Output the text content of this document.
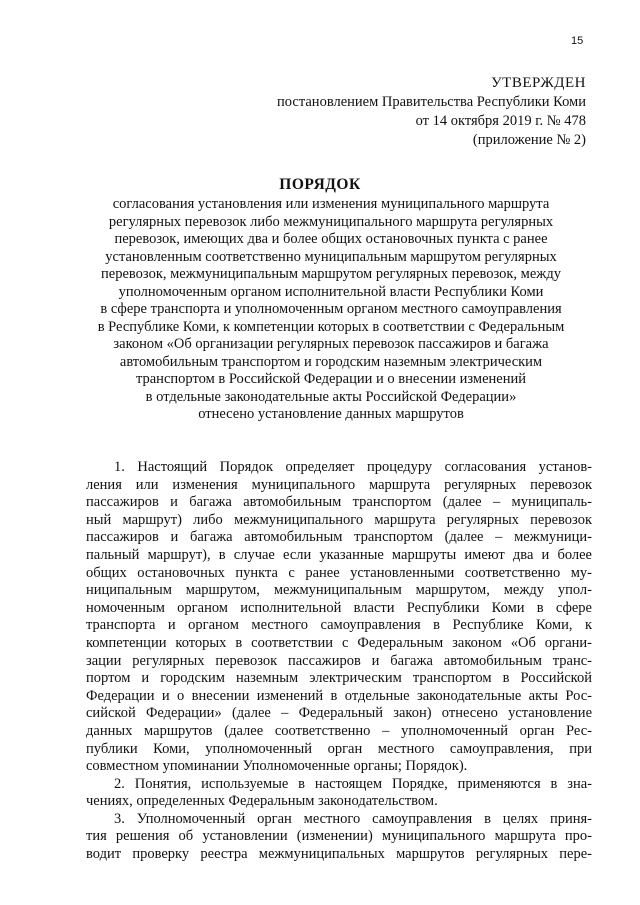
15
УТВЕРЖДЕН
постановлением Правительства Республики Коми
от 14 октября 2019 г. № 478
(приложение № 2)
ПОРЯДОК
согласования установления или изменения муниципального маршрута
регулярных перевозок либо межмуниципального маршрута регулярных
перевозок, имеющих два и более общих остановочных пункта с ранее
установленным соответственно муниципальным маршрутом регулярных
перевозок, межмуниципальным маршрутом регулярных перевозок, между
уполномоченным органом исполнительной власти Республики Коми
в сфере транспорта и уполномоченным органом местного самоуправления
в Республике Коми, к компетенции которых в соответствии с Федеральным
законом «Об организации регулярных перевозок пассажиров и багажа
автомобильным транспортом и городским наземным электрическим
транспортом в Российской Федерации и о внесении изменений
в отдельные законодательные акты Российской Федерации»
отнесено установление данных маршрутов
1. Настоящий Порядок определяет процедуру согласования установ-
ления или изменения муниципального маршрута регулярных перевозок
пассажиров и багажа автомобильным транспортом (далее – муниципаль-
ный маршрут) либо межмуниципального маршрута регулярных перевозок
пассажиров и багажа автомобильным транспортом (далее – межмуници-
пальный маршрут), в случае если указанные маршруты имеют два и более
общих остановочных пункта с ранее установленными соответственно му-
ниципальным маршрутом, межмуниципальным маршрутом, между упол-
номоченным органом исполнительной власти Республики Коми в сфере
транспорта и органом местного самоуправления в Республике Коми, к
компетенции которых в соответствии с Федеральным законом «Об органи-
зации регулярных перевозок пассажиров и багажа автомобильным транс-
портом и городским наземным электрическим транспортом в Российской
Федерации и о внесении изменений в отдельные законодательные акты Рос-
сийской Федерации» (далее – Федеральный закон) отнесено установление
данных маршрутов (далее соответственно – уполномоченный орган Рес-
публики Коми, уполномоченный орган местного самоуправления, при
совместном упоминании Уполномоченные органы; Порядок).
2. Понятия, используемые в настоящем Порядке, применяются в зна-
чениях, определенных Федеральным законодательством.
3. Уполномоченный орган местного самоуправления в целях приня-
тия решения об установлении (изменении) муниципального маршрута про-
водит проверку реестра межмуниципальных маршрутов регулярных пере-
